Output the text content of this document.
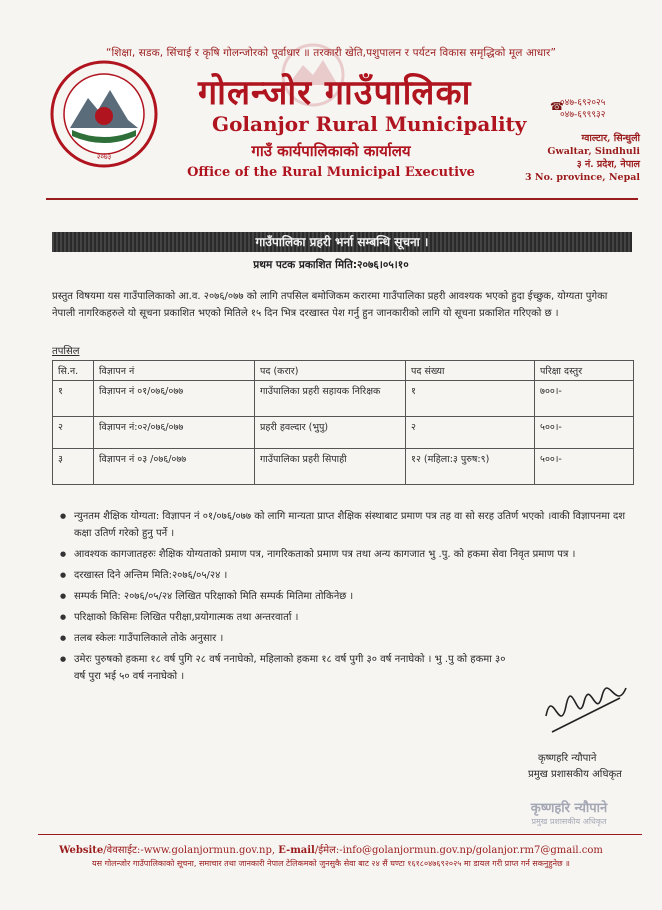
“शिक्षा, सडक, सिंचाई र कृषि गोलन्जोरको पूर्वाधार ॥ तरकारी खेति,पशुपालन र पर्यटन विकास समृद्धिको मूल आधार”
२०७३
गोलन्जोर गाउँपालिका
Golanjor Rural Municipality
गाउँ कार्यपालिकाको कार्यालय
Office of the Rural Municipal Executive
☎
०४७-६९२०२५
०४७-६९९९३२
ग्वाल्टार, सिन्धुली
Gwaltar, Sindhuli
३ नं. प्रदेश, नेपाल
3 No. province, Nepal
गाउँपालिका प्रहरी भर्ना सम्बन्धि सूचना ।
प्रथम पटक प्रकाशित मिति:२०७६।०५।१०
प्रस्तुत विषयमा यस गाउँपालिकाको आ.व. २०७६/०७७ को लागि तपसिल बमोजिकम करारमा गाउँपालिका प्रहरी आवश्यक भएको हुदा ईच्छुक, योग्यता पुगेका नेपाली नागरिकहरुले यो सूचना प्रकाशित भएको मितिले १५ दिन भित्र दरखास्त पेश गर्नु हुन जानकारीको लागि यो सूचना प्रकाशित गरिएको छ ।
तपसिल
सि.न.	विज्ञापन नं	पद (करार)	पद संख्या	परिक्षा दस्तुर
१	विज्ञापन नं ०१/०७६/०७७	गाउँपालिका प्रहरी सहायक निरिक्षक	१	७००।-
२	विज्ञापन नं:०२/०७६/०७७	प्रहरी हवल्दार (भुपु)	२	५००।-
३	विज्ञापन नं ०३ /०७६/०७७	गाउँपालिका प्रहरी सिपाही	१२ (महिला:३ पुरुष:९)	५००।-
● न्युनतम शैक्षिक योग्यता: विज्ञापन नं ०१/०७६/०७७ को लागि मान्यता प्राप्त शैक्षिक संस्थाबाट प्रमाण पत्र तह वा सो सरह उतिर्ण भएको ।वाकी विज्ञापनमा दश कक्षा उतिर्ण गरेको हुनु पर्ने ।
● आवश्यक कागजातहरुः शैक्षिक योग्यताको प्रमाण पत्र, नागरिकताको प्रमाण पत्र तथा अन्य कागजात भु .पु. को हकमा सेवा निवृत प्रमाण पत्र ।
● दरखास्त दिने अन्तिम मिति:२०७६/०५/२४ ।
● सम्पर्क मिति: २०७६/०५/२४ लिखित परिक्षाको मिति सम्पर्क मितिमा तोकिनेछ ।
● परिक्षाको किसिमः लिखित परीक्षा,प्रयोगात्मक तथा अन्तरवार्ता ।
● तलब स्केलः गाउँपालिकाले तोके अनुसार ।
● उमेरः पुरुषको हकमा १८ वर्ष पुगि २८ वर्ष ननाघेको, महिलाको हकमा १८ वर्ष पुगी ३० वर्ष ननाघेको । भु .पु को हकमा ३० वर्ष पुरा भई ५० वर्ष ननाघेको ।
कृष्णहरि न्यौपाने
प्रमुख प्रशासकीय अधिकृत
कृष्णहरि न्यौपाने
प्रमुख प्रशासकीय अधिकृत
Website/वेवसाईट:-www.golanjormun.gov.np, E-mail/ईमेल:-info@golanjormun.gov.np/golanjor.rm7@gmail.com
यस गोलन्जोर गाउँपालिकाको सूचना, समाचार तथा जानकारी नेपाल टेलिकमको जुनसुकै सेवा बाट २४ सैं घण्टा १६१८०४७६९२०२५ मा डायल गरी प्राप्त गर्न सकनुहुनेछ ॥
